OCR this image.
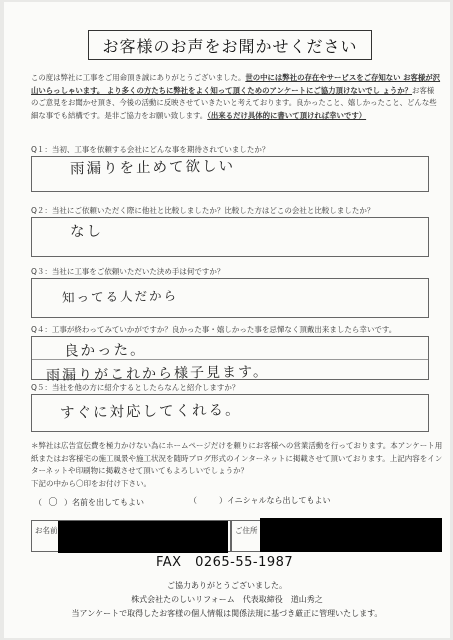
お客様のお声をお聞かせください
この度は弊社に工事をご用命頂き誠にありがとうございました。世の中には弊社の存在やサービスをご存知ない お客様が沢山いらっしゃいます。 より多くの方たちに弊社をよく知って頂くためのアンケートにご協力頂けないでし ょうか？お客様のご意見をお聞かせ頂き、今後の活動に反映させていきたいと考えております。良かったこと、嬉しかったこと、どんな些細な事でも結構です。是非ご協力をお願い致します。（出来るだけ具体的に書いて頂ければ幸いです）
Q１：当初、工事を依頼する会社にどんな事を期待されていましたか？
雨漏りを止めて欲しい
Q２：当社にご依頼いただく際に他社と比較しましたか？比較した方はどこの会社と比較しましたか？
なし
Q３：当社に工事をご依頼いただいた決め手は何ですか？
知ってる人だから
Q４：工事が終わってみていかがですか？良かった事・嬉しかった事を忌憚なく頂戴出来ましたら幸いです。
良かった。
雨漏りがこれから様子見ます。
Q５：当社を他の方に紹介するとしたらなんと紹介しますか？
すぐに対応してくれる。
＊弊社は広告宣伝費を極力かけない為にホームページだけを頼りにお客様への営業活動を行っております。本アンケート用紙またはお客様宅の施工風景や施工状況を随時ブログ形式のインターネットに掲載させて頂いております。上記内容をインターネットや印刷物に掲載させて頂いてもよろしいでしょうか？
下記の中から〇印をお付け下さい。
（ 〇 ）名前を出してもよい	（	）イニシャルなら出してもよい
お名前	ご住所
FAX　0265-55-1987
ご協力ありがとうございました。
株式会社たのしいリフォーム　代表取締役　道山秀之
当アンケートで取得したお客様の個人情報は関係法規に基づき厳正に管理いたします。
